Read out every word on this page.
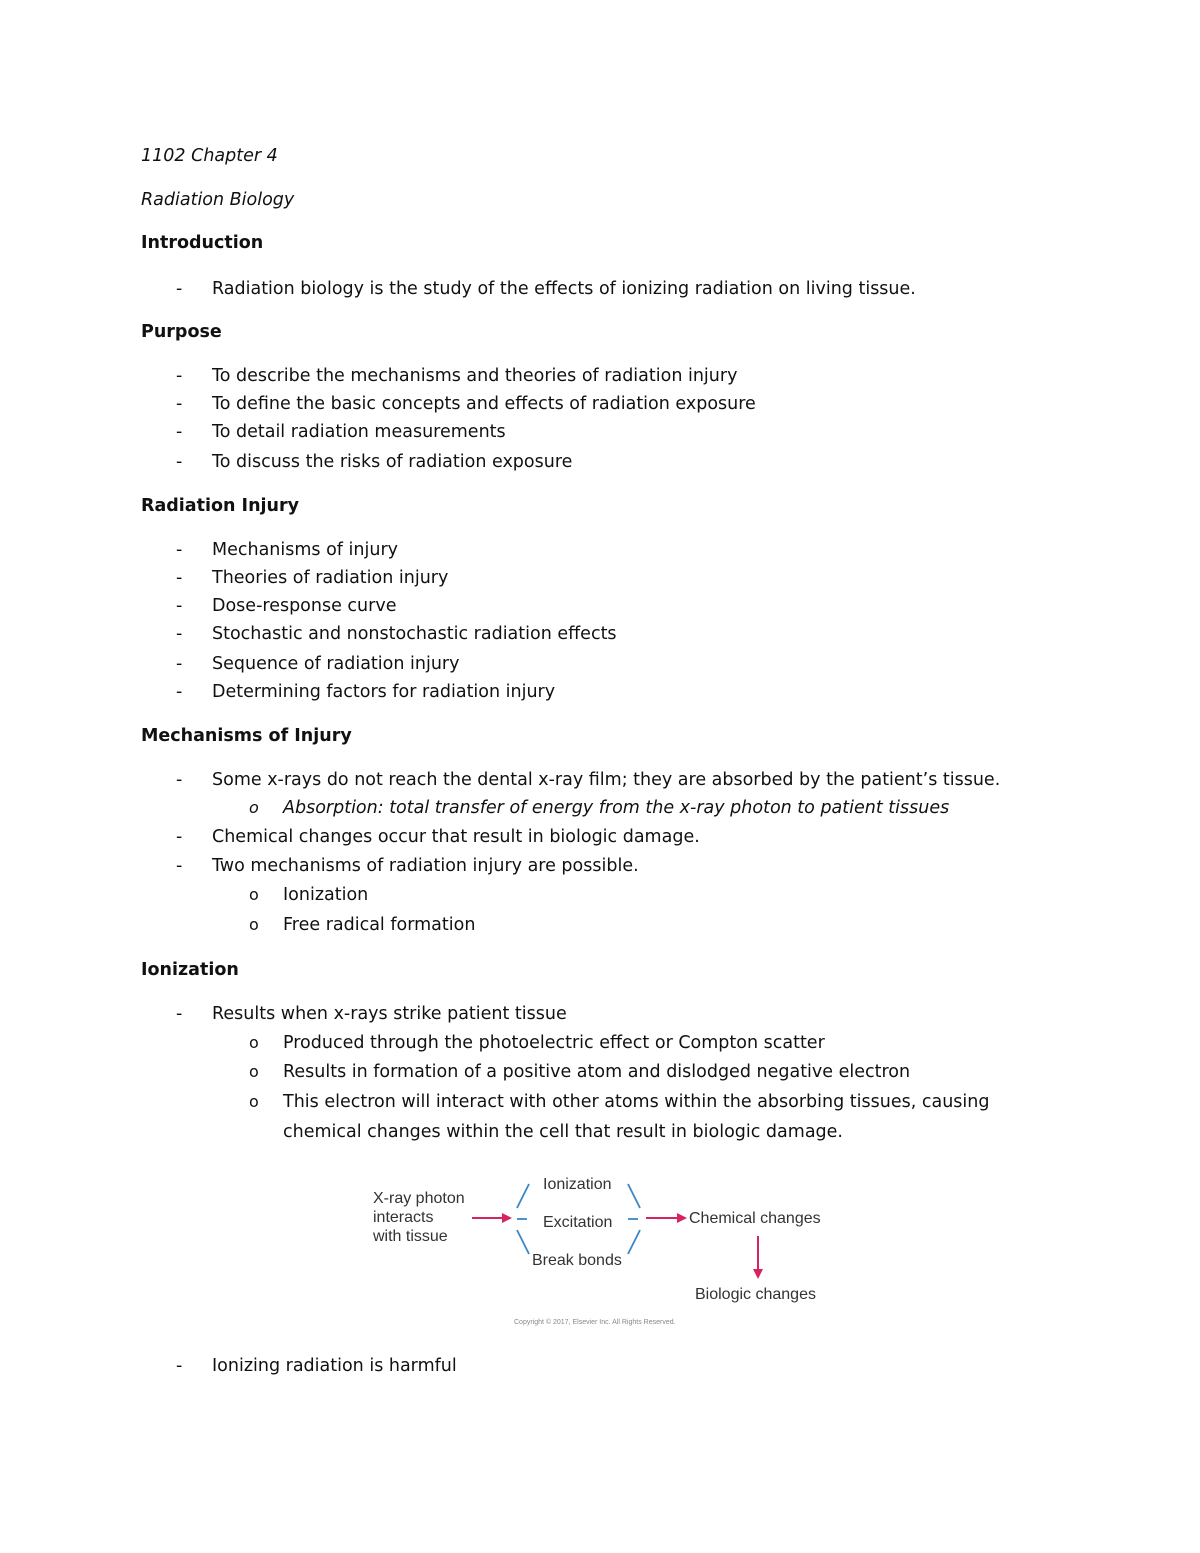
1102 Chapter 4

Radiation Biology

Introduction

-	Radiation biology is the study of the effects of ionizing radiation on living tissue.

Purpose

-	To describe the mechanisms and theories of radiation injury

-	To define the basic concepts and effects of radiation exposure

-	To detail radiation measurements

-	To discuss the risks of radiation exposure

Radiation Injury

-	Mechanisms of injury

-	Theories of radiation injury

-	Dose-response curve

-	Stochastic and nonstochastic radiation effects

-	Sequence of radiation injury

-	Determining factors for radiation injury

Mechanisms of Injury

-	Some x-rays do not reach the dental x-ray film; they are absorbed by the patient’s tissue.

o Absorption: total transfer of energy from the x-ray photon to patient tissues

-	Chemical changes occur that result in biologic damage.

-	Two mechanisms of radiation injury are possible.

o Ionization

o Free radical formation

Ionization

-	Results when x-rays strike patient tissue

o Produced through the photoelectric effect or Compton scatter

o Results in formation of a positive atom and dislodged negative electron

o This electron will interact with other atoms within the absorbing tissues, causing

chemical changes within the cell that result in biologic damage.

X-ray photon
interacts
with tissue
Ionization
Excitation
Break bonds
Chemical changes
Biologic changes
Copyright © 2017, Elsevier Inc. All Rights Reserved.
-	Ionizing radiation is harmful
